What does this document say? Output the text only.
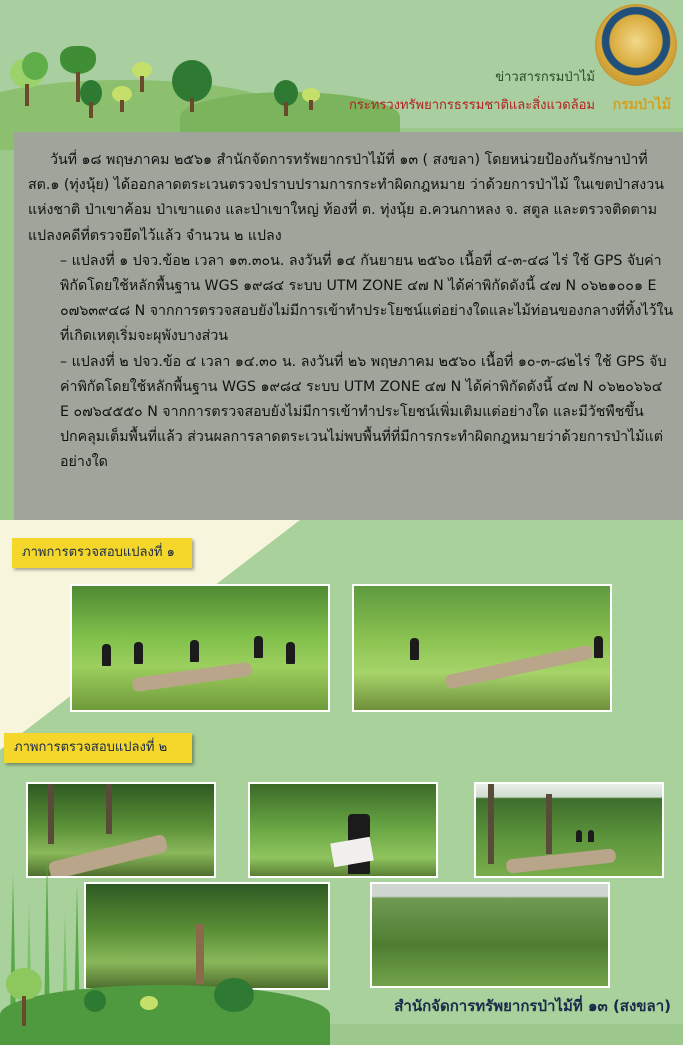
ข่าวสารกรมป่าไม้
กระทรวงทรัพยากรธรรมชาติและสิ่งแวดล้อม กรมป่าไม้

วันที่ ๑๘ พฤษภาคม ๒๕๖๑ สำนักจัดการทรัพยากรป่าไม้ที่ ๑๓ ( สงขลา) โดยหน่วยป้องกันรักษาป่าที่ สต.๑ (ทุ่งนุ้ย) ได้ออกลาดตระเวนตรวจปราบปรามการกระทำผิดกฎหมาย ว่าด้วยการป่าไม้ ในเขตป่าสงวนแห่งชาติ ป่าเขาค้อม ป่าเขาแดง และป่าเขาใหญ่ ท้องที่ ต. ทุ่งนุ้ย อ.ควนกาหลง จ. สตูล และตรวจติดตามแปลงคดีที่ตรวจยึดไว้แล้ว จำนวน ๒ แปลง

– แปลงที่ ๑ ปจว.ข้อ๒ เวลา ๑๓.๓๐น. ลงวันที่ ๑๔ กันยายน ๒๕๖๐ เนื้อที่ ๔-๓-๔๘ ไร่ ใช้ GPS จับค่าพิกัดโดยใช้หลักพื้นฐาน WGS ๑๙๘๔ ระบบ UTM ZONE ๔๗ N ได้ค่าพิกัดดังนี้ ๔๗ N ๐๖๒๑๐๐๑ E ๐๗๖๓๙๔๘ N จากการตรวจสอบยังไม่มีการเข้าทำประโยชน์แต่อย่างใดและไม้ท่อนของกลางที่ทิ้งไว้ในที่เกิดเหตุเริ่มจะผุพังบางส่วน

– แปลงที่ ๒ ปจว.ข้อ ๔ เวลา ๑๔.๓๐ น. ลงวันที่ ๒๖ พฤษภาคม ๒๕๖๐ เนื้อที่ ๑๐-๓-๘๒ไร่ ใช้ GPS จับค่าพิกัดโดยใช้หลักพื้นฐาน WGS ๑๙๘๔ ระบบ UTM ZONE ๔๗ N ได้ค่าพิกัดดังนี้ ๔๗ N ๐๖๒๐๖๖๔ E ๐๗๖๔๕๕๐ N จากการตรวจสอบยังไม่มีการเข้าทำประโยชน์เพิ่มเติมแต่อย่างใด และมีวัชพืชขึ้นปกคลุมเต็มพื้นที่แล้ว ส่วนผลการลาดตระเวนไม่พบพื้นที่ที่มีการกระทำผิดกฎหมายว่าด้วยการป่าไม้แต่อย่างใด

ภาพการตรวจสอบแปลงที่ ๑
ภาพการตรวจสอบแปลงที่ ๒
สำนักจัดการทรัพยากรป่าไม้ที่ ๑๓ (สงขลา)
